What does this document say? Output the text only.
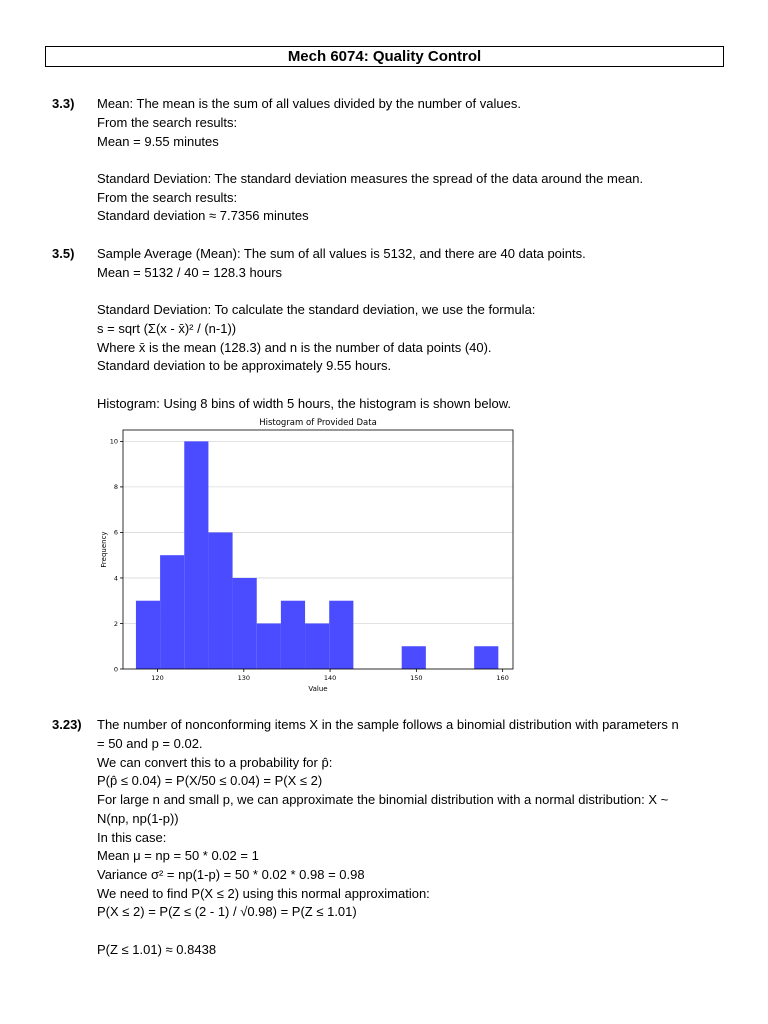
Mech 6074: Quality Control
3.3) Mean: The mean is the sum of all values divided by the number of values.
From the search results:
Mean = 9.55 minutes
Standard Deviation: The standard deviation measures the spread of the data around the mean.
From the search results:
Standard deviation ≈ 7.7356 minutes
3.5) Sample Average (Mean): The sum of all values is 5132, and there are 40 data points.
Mean = 5132 / 40 = 128.3 hours
Standard Deviation: To calculate the standard deviation, we use the formula:
s = sqrt (Σ(x - x̄)² / (n-1))
Where x̄ is the mean (128.3) and n is the number of data points (40).
Standard deviation to be approximately 9.55 hours.
Histogram: Using 8 bins of width 5 hours, the histogram is shown below.
120	130	140	150	160
0
2
4
6
8
10
Histogram of Provided Data
Value
Frequency
3.23) The number of nonconforming items X in the sample follows a binomial distribution with parameters n
= 50 and p = 0.02.
We can convert this to a probability for p̂:
P(p̂ ≤ 0.04) = P(X/50 ≤ 0.04) = P(X ≤ 2)
For large n and small p, we can approximate the binomial distribution with a normal distribution: X ~
N(np, np(1-p))
In this case:
Mean μ = np = 50 * 0.02 = 1
Variance σ² = np(1-p) = 50 * 0.02 * 0.98 = 0.98
We need to find P(X ≤ 2) using this normal approximation:
P(X ≤ 2) = P(Z ≤ (2 - 1) / √0.98) = P(Z ≤ 1.01)
P(Z ≤ 1.01) ≈ 0.8438
